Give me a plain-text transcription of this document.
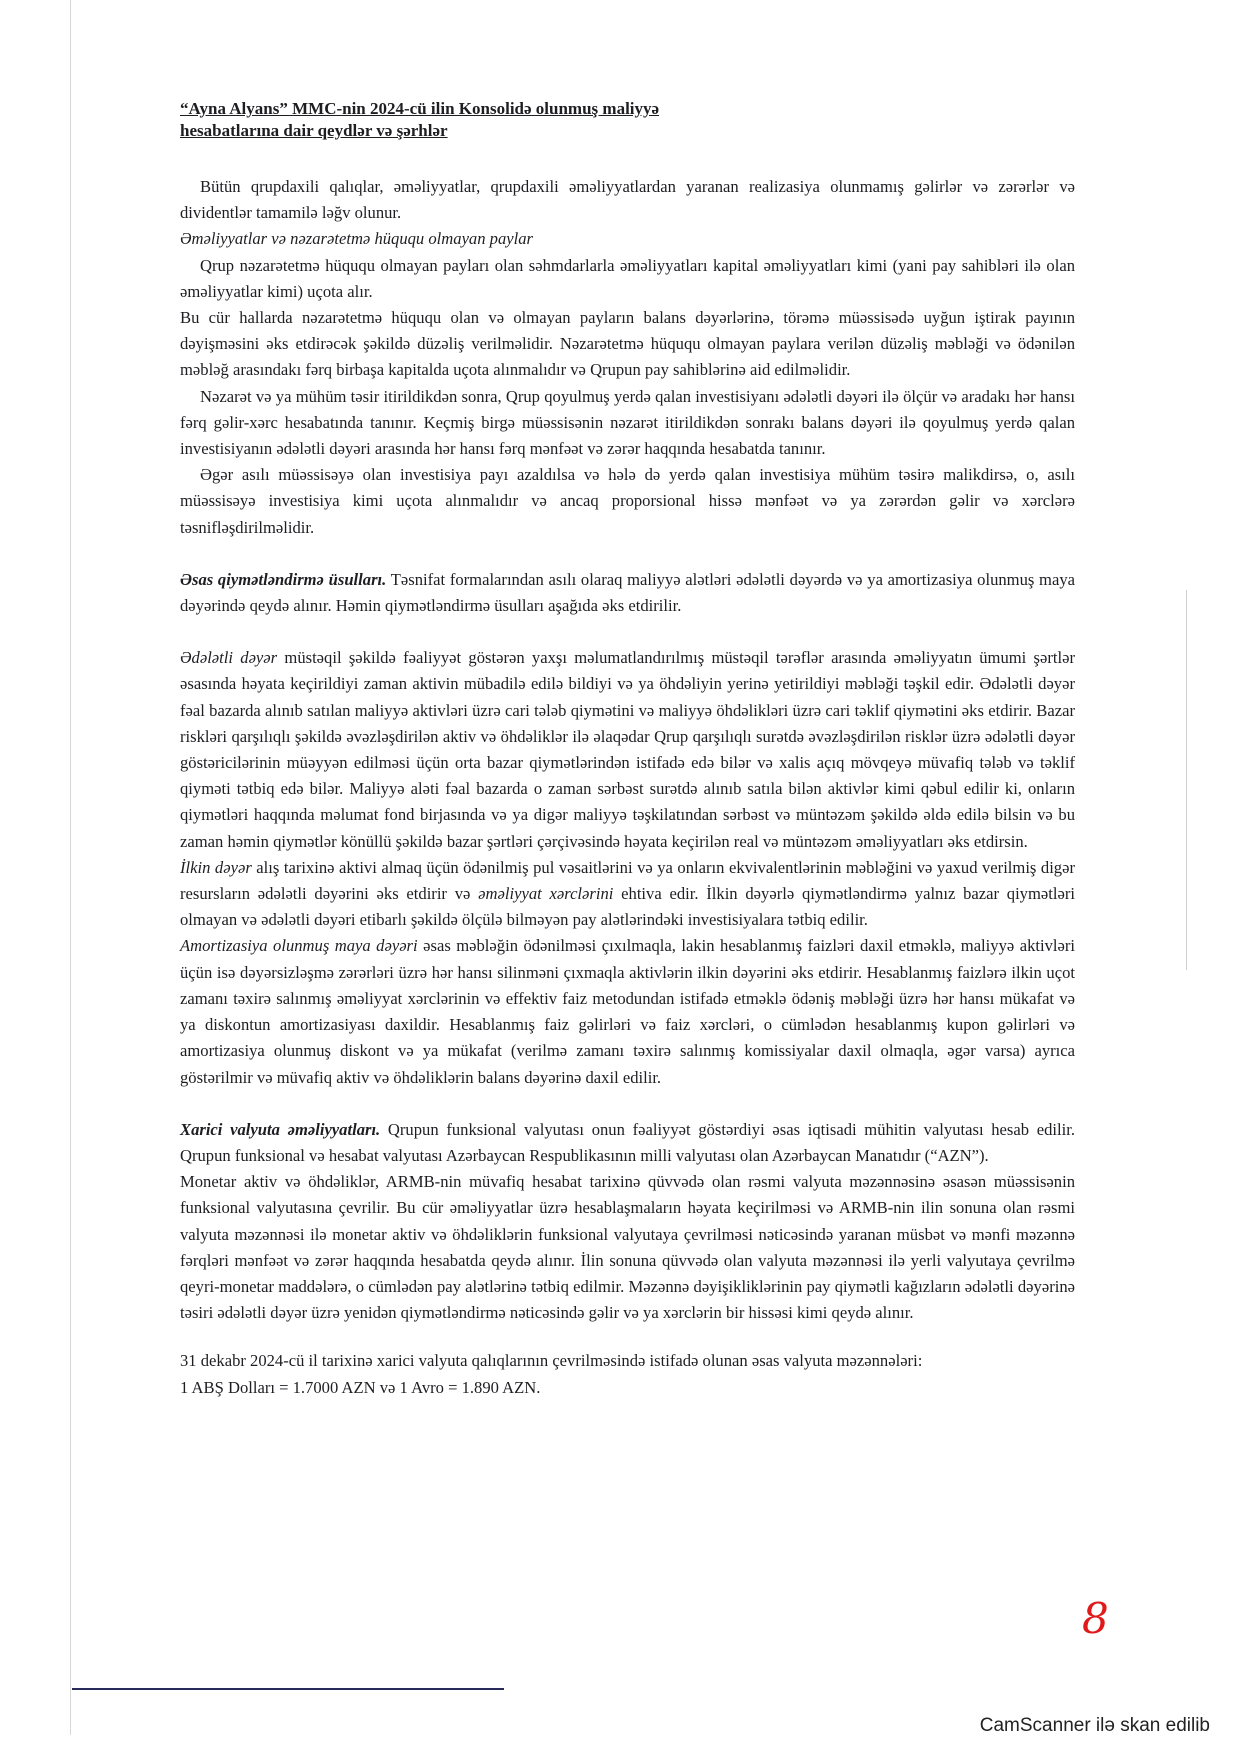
“Ayna Alyans” MMC-nin 2024-cü ilin Konsolidə olunmuş maliyyə hesabatlarına dair qeydlər və şərhlər

Bütün qrupdaxili qalıqlar, əməliyyatlar, qrupdaxili əməliyyatlardan yaranan realizasiya olunmamış gəlirlər və zərərlər və dividentlər tamamilə ləğv olunur.

Əməliyyatlar və nəzarətetmə hüququ olmayan paylar

Qrup nəzarətetmə hüququ olmayan payları olan səhmdarlarla əməliyyatları kapital əməliyyatları kimi (yani pay sahibləri ilə olan əməliyyatlar kimi) uçota alır.

Bu cür hallarda nəzarətetmə hüququ olan və olmayan payların balans dəyərlərinə, törəmə müəssisədə uyğun iştirak payının dəyişməsini əks etdirəcək şəkildə düzəliş verilməlidir. Nəzarətetmə hüququ olmayan paylara verilən düzəliş məbləği və ödənilən məbləğ arasındakı fərq birbaşa kapitalda uçota alınmalıdır və Qrupun pay sahiblərinə aid edilməlidir.

Nəzarət və ya mühüm təsir itirildikdən sonra, Qrup qoyulmuş yerdə qalan investisiyanı ədələtli dəyəri ilə ölçür və aradakı hər hansı fərq gəlir-xərc hesabatında tanınır. Keçmiş birgə müəssisənin nəzarət itirildikdən sonrakı balans dəyəri ilə qoyulmuş yerdə qalan investisiyanın ədələtli dəyəri arasında hər hansı fərq mənfəət və zərər haqqında hesabatda tanınır.

Əgər asılı müəssisəyə olan investisiya payı azaldılsa və hələ də yerdə qalan investisiya mühüm təsirə malikdirsə, o, asılı müəssisəyə investisiya kimi uçota alınmalıdır və ancaq proporsional hissə mənfəət və ya zərərdən gəlir və xərclərə təsnifləşdirilməlidir.

Əsas qiymətləndirmə üsulları. Təsnifat formalarından asılı olaraq maliyyə alətləri ədələtli dəyərdə və ya amortizasiya olunmuş maya dəyərində qeydə alınır. Həmin qiymətləndirmə üsulları aşağıda əks etdirilir.

Ədələtli dəyər müstəqil şəkildə fəaliyyət göstərən yaxşı məlumatlandırılmış müstəqil tərəflər arasında əməliyyatın ümumi şərtlər əsasında həyata keçirildiyi zaman aktivin mübadilə edilə bildiyi və ya öhdəliyin yerinə yetirildiyi məbləği təşkil edir. Ədələtli dəyər fəal bazarda alınıb satılan maliyyə aktivləri üzrə cari tələb qiymətini və maliyyə öhdəlikləri üzrə cari təklif qiymətini əks etdirir. Bazar riskləri qarşılıqlı şəkildə əvəzləşdirilən aktiv və öhdəliklər ilə əlaqədar Qrup qarşılıqlı surətdə əvəzləşdirilən risklər üzrə ədələtli dəyər göstəricilərinin müəyyən edilməsi üçün orta bazar qiymətlərindən istifadə edə bilər və xalis açıq mövqeyə müvafiq tələb və təklif qiyməti tətbiq edə bilər. Maliyyə aləti fəal bazarda o zaman sərbəst surətdə alınıb satıla bilən aktivlər kimi qəbul edilir ki, onların qiymətləri haqqında məlumat fond birjasında və ya digər maliyyə təşkilatından sərbəst və müntəzəm şəkildə əldə edilə bilsin və bu zaman həmin qiymətlər könüllü şəkildə bazar şərtləri çərçivəsində həyata keçirilən real və müntəzəm əməliyyatları əks etdirsin.

İlkin dəyər alış tarixinə aktivi almaq üçün ödənilmiş pul vəsaitlərini və ya onların ekvivalentlərinin məbləğini və yaxud verilmiş digər resursların ədələtli dəyərini əks etdirir və əməliyyat xərclərini ehtiva edir. İlkin dəyərlə qiymətləndirmə yalnız bazar qiymətləri olmayan və ədələtli dəyəri etibarlı şəkildə ölçülə bilməyən pay alətlərindəki investisiyalara tətbiq edilir.

Amortizasiya olunmuş maya dəyəri əsas məbləğin ödənilməsi çıxılmaqla, lakin hesablanmış faizləri daxil etməklə, maliyyə aktivləri üçün isə dəyərsizləşmə zərərləri üzrə hər hansı silinməni çıxmaqla aktivlərin ilkin dəyərini əks etdirir. Hesablanmış faizlərə ilkin uçot zamanı təxirə salınmış əməliyyat xərclərinin və effektiv faiz metodundan istifadə etməklə ödəniş məbləği üzrə hər hansı mükafat və ya diskontun amortizasiyası daxildir. Hesablanmış faiz gəlirləri və faiz xərcləri, o cümlədən hesablanmış kupon gəlirləri və amortizasiya olunmuş diskont və ya mükafat (verilmə zamanı təxirə salınmış komissiyalar daxil olmaqla, əgər varsa) ayrıca göstərilmir və müvafiq aktiv və öhdəliklərin balans dəyərinə daxil edilir.

Xarici valyuta əməliyyatları. Qrupun funksional valyutası onun fəaliyyət göstərdiyi əsas iqtisadi mühitin valyutası hesab edilir. Qrupun funksional və hesabat valyutası Azərbaycan Respublikasının milli valyutası olan Azərbaycan Manatıdır (“AZN”).

Monetar aktiv və öhdəliklər, ARMB-nin müvafiq hesabat tarixinə qüvvədə olan rəsmi valyuta məzənnəsinə əsasən müəssisənin funksional valyutasına çevrilir. Bu cür əməliyyatlar üzrə hesablaşmaların həyata keçirilməsi və ARMB-nin ilin sonuna olan rəsmi valyuta məzənnəsi ilə monetar aktiv və öhdəliklərin funksional valyutaya çevrilməsi nəticəsində yaranan müsbət və mənfi məzənnə fərqləri mənfəət və zərər haqqında hesabatda qeydə alınır. İlin sonuna qüvvədə olan valyuta məzənnəsi ilə yerli valyutaya çevrilmə qeyri-monetar maddələrə, o cümlədən pay alətlərinə tətbiq edilmir. Məzənnə dəyişikliklərinin pay qiymətli kağızların ədələtli dəyərinə təsiri ədələtli dəyər üzrə yenidən qiymətləndirmə nəticəsində gəlir və ya xərclərin bir hissəsi kimi qeydə alınır.

31 dekabr 2024-cü il tarixinə xarici valyuta qalıqlarının çevrilməsində istifadə olunan əsas valyuta məzənnələri:

1 ABŞ Dolları = 1.7000 AZN və 1 Avro = 1.890 AZN.

8
CamScanner ilə skan edilib
